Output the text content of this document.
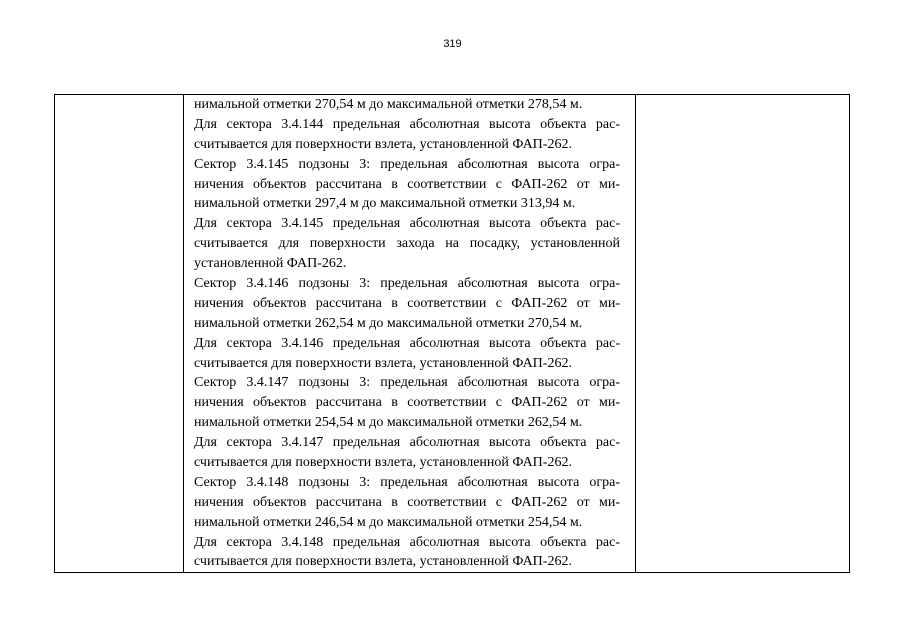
319
нимальной отметки 270,54 м до максимальной отметки 278,54 м.
Для сектора 3.4.144 предельная абсолютная высота объекта рас-
считывается для поверхности взлета, установленной ФАП-262.
Сектор 3.4.145 подзоны 3: предельная абсолютная высота огра-
ничения объектов рассчитана в соответствии с ФАП-262 от ми-
нимальной отметки 297,4 м до максимальной отметки 313,94 м.
Для сектора 3.4.145 предельная абсолютная высота объекта рас-
считывается для поверхности захода на посадку, установленной
установленной ФАП-262.
Сектор 3.4.146 подзоны 3: предельная абсолютная высота огра-
ничения объектов рассчитана в соответствии с ФАП-262 от ми-
нимальной отметки 262,54 м до максимальной отметки 270,54 м.
Для сектора 3.4.146 предельная абсолютная высота объекта рас-
считывается для поверхности взлета, установленной ФАП-262.
Сектор 3.4.147 подзоны 3: предельная абсолютная высота огра-
ничения объектов рассчитана в соответствии с ФАП-262 от ми-
нимальной отметки 254,54 м до максимальной отметки 262,54 м.
Для сектора 3.4.147 предельная абсолютная высота объекта рас-
считывается для поверхности взлета, установленной ФАП-262.
Сектор 3.4.148 подзоны 3: предельная абсолютная высота огра-
ничения объектов рассчитана в соответствии с ФАП-262 от ми-
нимальной отметки 246,54 м до максимальной отметки 254,54 м.
Для сектора 3.4.148 предельная абсолютная высота объекта рас-
считывается для поверхности взлета, установленной ФАП-262.
